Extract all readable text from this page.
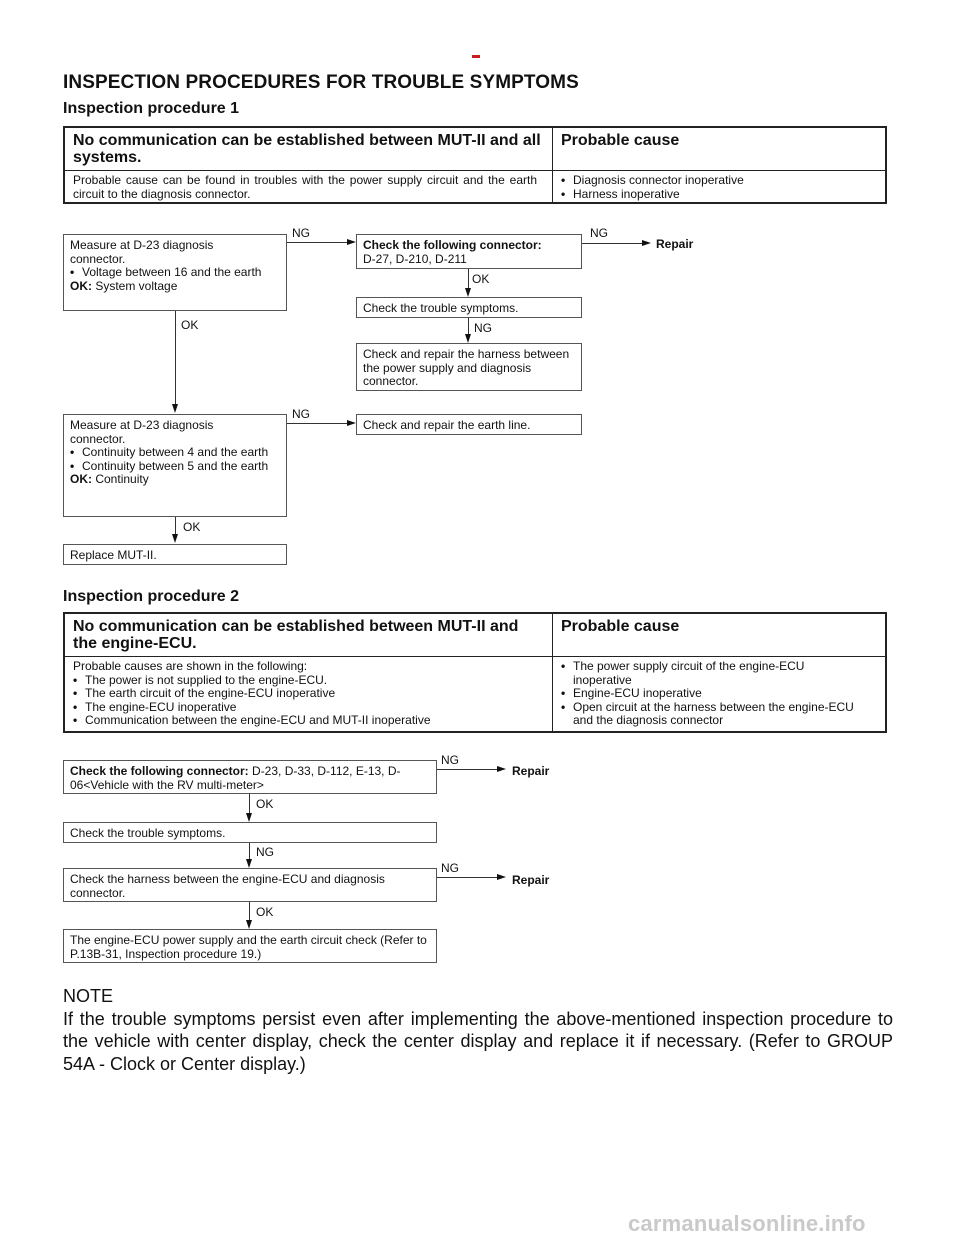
INSPECTION PROCEDURES FOR TROUBLE SYMPTOMS
Inspection procedure 1
No communication can be established between MUT-II and all systems.
Probable cause
Probable cause can be found in troubles with the power supply circuit and the earth circuit to the diagnosis connector.
• Diagnosis connector inoperative
• Harness inoperative
Measure at D-23 diagnosis
connector.
• Voltage between 16 and the earth
OK: System voltage
NG
Check the following connector:
D-27, D-210, D-211
NG
Repair
OK
Check the trouble symptoms.
NG
Check and repair the harness between the power supply and diagnosis connector.
OK
Measure at D-23 diagnosis
connector.
• Continuity between 4 and the earth
• Continuity between 5 and the earth
OK: Continuity
NG
Check and repair the earth line.
OK
Replace MUT-II.
Inspection procedure 2
No communication can be established between MUT-II and the engine-ECU.
Probable cause
Probable causes are shown in the following:
• The power is not supplied to the engine-ECU.
• The earth circuit of the engine-ECU inoperative
• The engine-ECU inoperative
• Communication between the engine-ECU and MUT-II inoperative
• The power supply circuit of the engine-ECU inoperative
• Engine-ECU inoperative
• Open circuit at the harness between the engine-ECU and the diagnosis connector
Check the following connector: D-23, D-33, D-112, E-13, D-06<Vehicle with the RV multi-meter>
NG
Repair
OK
Check the trouble symptoms.
NG
Check the harness between the engine-ECU and diagnosis connector.
NG
Repair
OK
The engine-ECU power supply and the earth circuit check (Refer to P.13B-31, Inspection procedure 19.)
NOTE
If the trouble symptoms persist even after implementing the above-mentioned inspection procedure to the vehicle with center display, check the center display and replace it if necessary. (Refer to GROUP 54A - Clock or Center display.)
carmanualsonline.info
